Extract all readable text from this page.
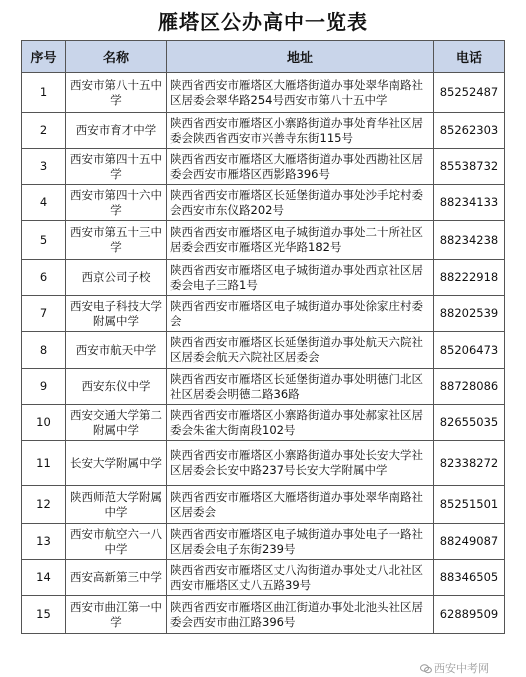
雁塔区公办高中一览表
序号	名称	地址	电话
1	西安市第八十五中学	陕西省西安市雁塔区大雁塔街道办事处翠华南路社区居委会翠华路254号西安市第八十五中学	85252487
2	西安市育才中学	陕西省西安市雁塔区小寨路街道办事处育华社区居委会陕西省西安市兴善寺东街115号	85262303
3	西安市第四十五中学	陕西省西安市雁塔区大雁塔街道办事处西勘社区居委会西安市雁塔区西影路396号	85538732
4	西安市第四十六中学	陕西省西安市雁塔区长延堡街道办事处沙手坨村委会西安市东仪路202号	88234133
5	西安市第五十三中学	陕西省西安市雁塔区电子城街道办事处二十所社区居委会西安市雁塔区光华路182号	88234238
6	西京公司子校	陕西省西安市雁塔区电子城街道办事处西京社区居委会电子三路1号	88222918
7	西安电子科技大学附属中学	陕西省西安市雁塔区电子城街道办事处徐家庄村委会	88202539
8	西安市航天中学	陕西省西安市雁塔区长延堡街道办事处航天六院社区居委会航天六院社区居委会	85206473
9	西安东仪中学	陕西省西安市雁塔区长延堡街道办事处明德门北区社区居委会明德二路36路	88728086
10	西安交通大学第二附属中学	陕西省西安市雁塔区小寨路街道办事处郝家社区居委会朱雀大街南段102号	82655035
11	长安大学附属中学	陕西省西安市雁塔区小寨路街道办事处长安大学社区居委会长安中路237号长安大学附属中学	82338272
12	陕西师范大学附属中学	陕西省西安市雁塔区大雁塔街道办事处翠华南路社区居委会	85251501
13	西安市航空六一八中学	陕西省西安市雁塔区电子城街道办事处电子一路社区居委会电子东街239号	88249087
14	西安高新第三中学	陕西省西安市雁塔区丈八沟街道办事处丈八北社区西安市雁塔区丈八五路39号	88346505
15	西安市曲江第一中学	陕西省西安市雁塔区曲江街道办事处北池头社区居委会西安市曲江路396号	62889509
西安中考网
